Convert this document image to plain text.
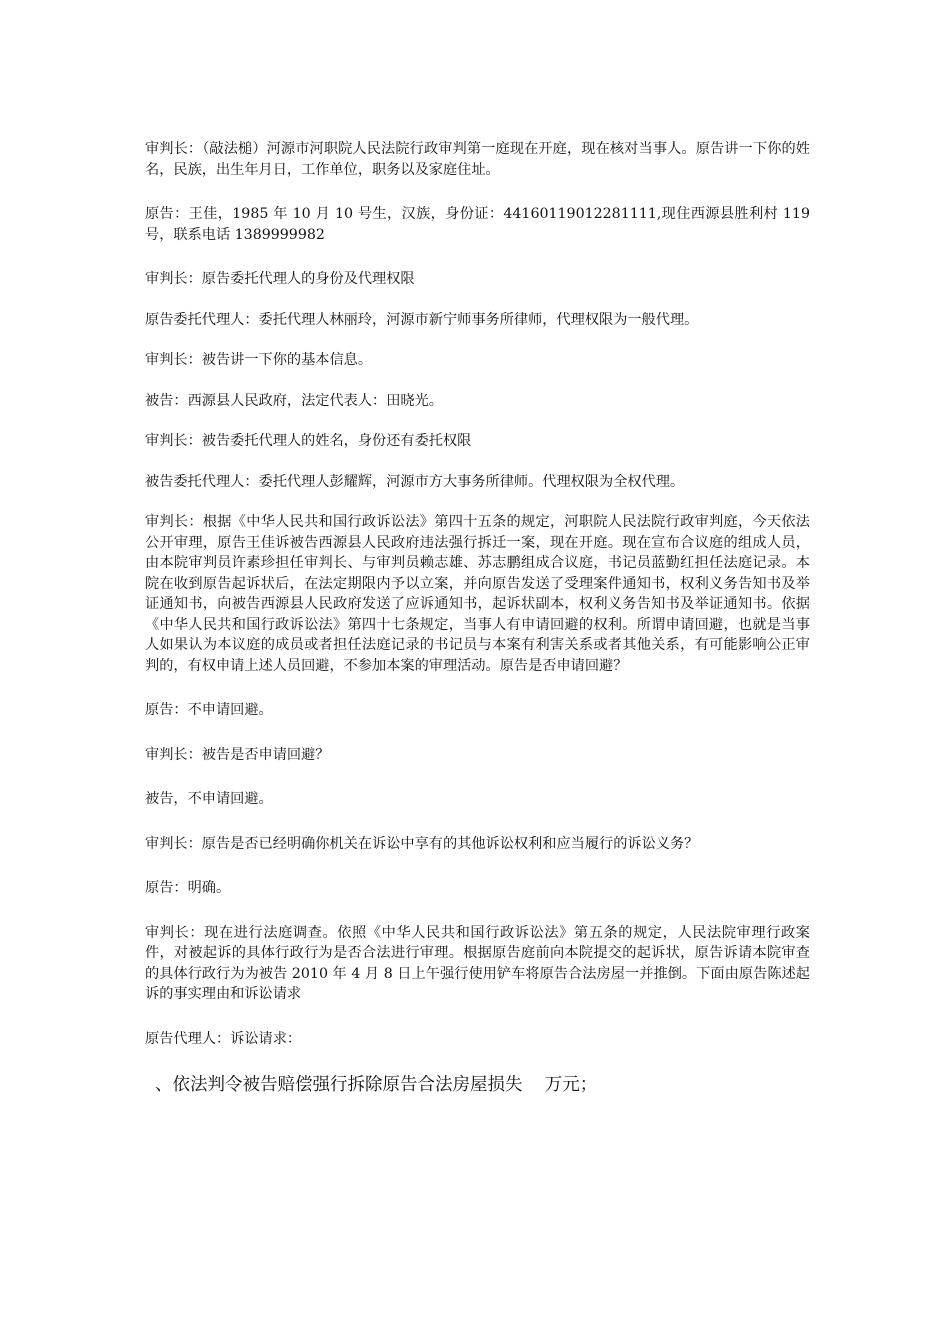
审判长：（敲法槌）河源市河职院人民法院行政审判第一庭现在开庭，现在核对当事人。原告讲一下你的姓名，民族，出生年月日，工作单位，职务以及家庭住址。

原告：王佳，1985 年 10 月 10 号生，汉族，身份证：44160119012281111,现住西源县胜利村 119 号，联系电话 1389999982

审判长：原告委托代理人的身份及代理权限

原告委托代理人：委托代理人林丽玲，河源市新宁师事务所律师，代理权限为一般代理。

审判长：被告讲一下你的基本信息。

被告：西源县人民政府，法定代表人：田晓光。

审判长：被告委托代理人的姓名，身份还有委托权限

被告委托代理人：委托代理人彭耀辉，河源市方大事务所律师。代理权限为全权代理。

审判长：根据《中华人民共和国行政诉讼法》第四十五条的规定，河职院人民法院行政审判庭，今天依法公开审理，原告王佳诉被告西源县人民政府违法强行拆迁一案，现在开庭。现在宣布合议庭的组成人员，由本院审判员许素珍担任审判长、与审判员赖志雄、苏志鹏组成合议庭，书记员蓝勤红担任法庭记录。本院在收到原告起诉状后，在法定期限内予以立案，并向原告发送了受理案件通知书，权利义务告知书及举证通知书，向被告西源县人民政府发送了应诉通知书，起诉状副本，权利义务告知书及举证通知书。依据《中华人民共和国行政诉讼法》第四十七条规定，当事人有申请回避的权利。所谓申请回避，也就是当事人如果认为本议庭的成员或者担任法庭记录的书记员与本案有利害关系或者其他关系，有可能影响公正审判的，有权申请上述人员回避，不参加本案的审理活动。原告是否申请回避？

原告：不申请回避。

审判长：被告是否申请回避？

被告，不申请回避。

审判长：原告是否已经明确你机关在诉讼中享有的其他诉讼权利和应当履行的诉讼义务？

原告：明确。

审判长：现在进行法庭调查。依照《中华人民共和国行政诉讼法》第五条的规定，人民法院审理行政案件，对被起诉的具体行政行为是否合法进行审理。根据原告庭前向本院提交的起诉状，原告诉请本院审查的具体行政行为为被告 2010 年 4 月 8 日上午强行使用铲车将原告合法房屋一并推倒。下面由原告陈述起诉的事实理由和诉讼请求

原告代理人：诉讼请求：

、依法判令被告赔偿强行拆除原告合法房屋损失    万元；
